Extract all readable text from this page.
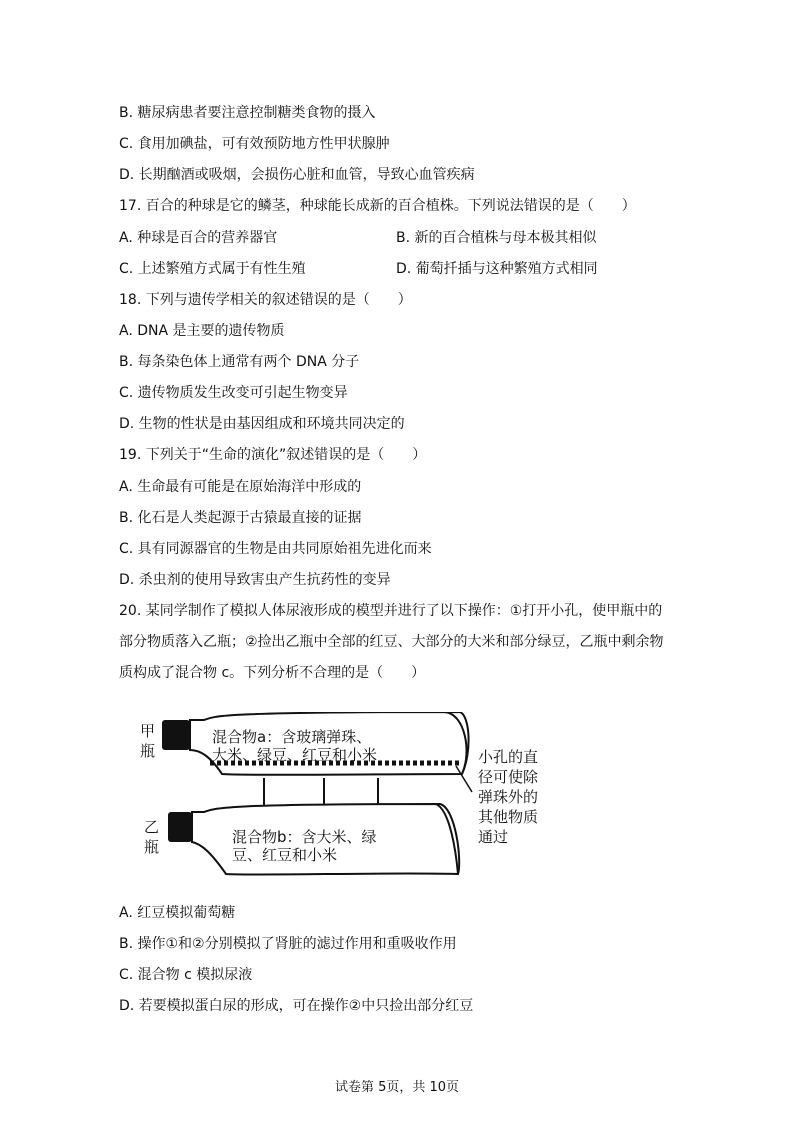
B. 糖尿病患者要注意控制糖类食物的摄入
C. 食用加碘盐，可有效预防地方性甲状腺肿
D. 长期酗酒或吸烟，会损伤心脏和血管，导致心血管疾病
17. 百合的种球是它的鳞茎，种球能长成新的百合植株。下列说法错误的是（　　）
A. 种球是百合的营养器官	B. 新的百合植株与母本极其相似
C. 上述繁殖方式属于有性生殖	D. 葡萄扦插与这种繁殖方式相同
18. 下列与遗传学相关的叙述错误的是（　　）
A. DNA 是主要的遗传物质
B. 每条染色体上通常有两个 DNA 分子
C. 遗传物质发生改变可引起生物变异
D. 生物的性状是由基因组成和环境共同决定的
19. 下列关于“生命的演化”叙述错误的是（　　）
A. 生命最有可能是在原始海洋中形成的
B. 化石是人类起源于古猿最直接的证据
C. 具有同源器官的生物是由共同原始祖先进化而来
D. 杀虫剂的使用导致害虫产生抗药性的变异
20. 某同学制作了模拟人体尿液形成的模型并进行了以下操作：①打开小孔，使甲瓶中的
部分物质落入乙瓶；②捡出乙瓶中全部的红豆、大部分的大米和部分绿豆，乙瓶中剩余物
质构成了混合物 c。下列分析不合理的是（　　）
甲
瓶
混合物a：含玻璃弹珠、
大米、绿豆、红豆和小米
乙
瓶
混合物b：含大米、绿
豆、红豆和小米
小孔的直
径可使除
弹珠外的
其他物质
通过
A. 红豆模拟葡萄糖
B. 操作①和②分别模拟了肾脏的滤过作用和重吸收作用
C. 混合物 c 模拟尿液
D. 若要模拟蛋白尿的形成，可在操作②中只捡出部分红豆
试卷第 5页，共 10页
